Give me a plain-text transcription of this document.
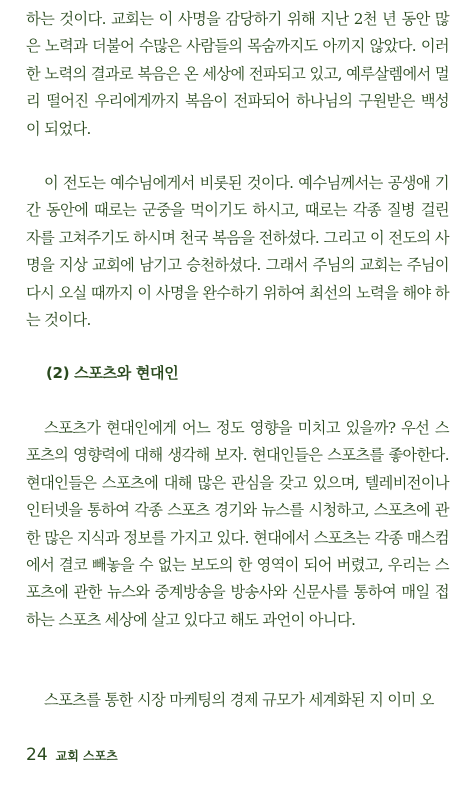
하는 것이다. 교회는 이 사명을 감당하기 위해 지난 2천 년 동안 많은 노력과 더불어 수많은 사람들의 목숨까지도 아끼지 않았다. 이러한 노력의 결과로 복음은 온 세상에 전파되고 있고, 예루살렘에서 멀리 떨어진 우리에게까지 복음이 전파되어 하나님의 구원받은 백성이 되었다.

이 전도는 예수님에게서 비롯된 것이다. 예수님께서는 공생애 기간 동안에 때로는 군중을 먹이기도 하시고, 때로는 각종 질병 걸린 자를 고쳐주기도 하시며 천국 복음을 전하셨다. 그리고 이 전도의 사명을 지상 교회에 남기고 승천하셨다. 그래서 주님의 교회는 주님이 다시 오실 때까지 이 사명을 완수하기 위하여 최선의 노력을 해야 하는 것이다.

(2) 스포츠와 현대인

스포츠가 현대인에게 어느 정도 영향을 미치고 있을까? 우선 스포츠의 영향력에 대해 생각해 보자. 현대인들은 스포츠를 좋아한다. 현대인들은 스포츠에 대해 많은 관심을 갖고 있으며, 텔레비전이나 인터넷을 통하여 각종 스포츠 경기와 뉴스를 시청하고, 스포츠에 관한 많은 지식과 정보를 가지고 있다. 현대에서 스포츠는 각종 매스컴에서 결코 빼놓을 수 없는 보도의 한 영역이 되어 버렸고, 우리는 스포츠에 관한 뉴스와 중계방송을 방송사와 신문사를 통하여 매일 접하는 스포츠 세상에 살고 있다고 해도 과언이 아니다.

스포츠를 통한 시장 마케팅의 경제 규모가 세계화된 지 이미 오

24 교회 스포츠
